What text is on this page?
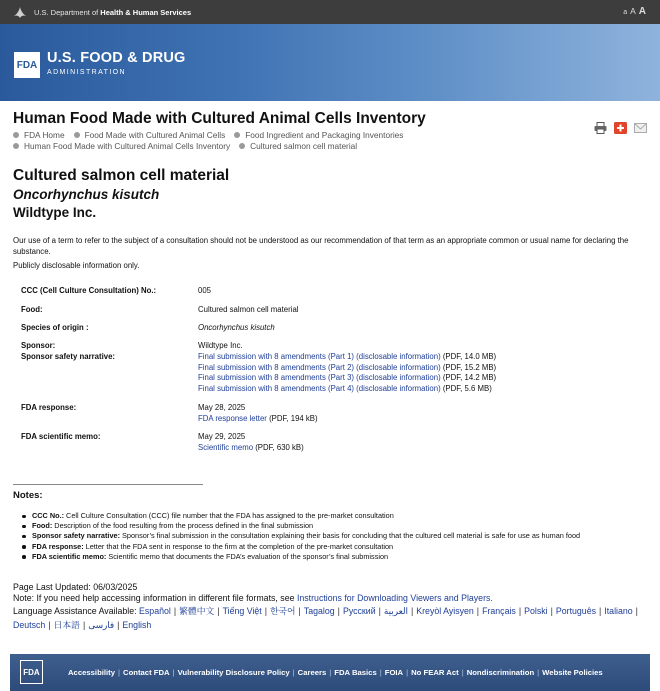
U.S. Department of Health & Human Services	a A A
FDA U.S. FOOD & DRUG
ADMINISTRATION
Human Food Made with Cultured Animal Cells Inventory
FDA Home Food Made with Cultured Animal Cells Food Ingredient and Packaging Inventories
Human Food Made with Cultured Animal Cells Inventory Cultured salmon cell material
Cultured salmon cell material
Oncorhynchus kisutch
Wildtype Inc.

Our use of a term to refer to the subject of a consultation should not be understood as our recommendation of that term as an appropriate common or usual name for declaring the substance.

Publicly disclosable information only.

CCC (Cell Culture Consultation) No.:	005
Food:	Cultured salmon cell material
Species of origin :	Oncorhynchus kisutch
Sponsor:	Wildtype Inc.
Sponsor safety narrative:	Final submission with 8 amendments (Part 1) (disclosable information) (PDF, 14.0 MB)
Final submission with 8 amendments (Part 2) (disclosable information) (PDF, 15.2 MB)
Final submission with 8 amendments (Part 3) (disclosable information) (PDF, 14.2 MB)
Final submission with 8 amendments (Part 4) (disclosable information) (PDF, 5.6 MB)
FDA response:	May 28, 2025
FDA response letter (PDF, 194 kB)
FDA scientific memo:	May 29, 2025
Scientific memo (PDF, 630 kB)
Notes:
CCC No.: Cell Culture Consultation (CCC) file number that the FDA has assigned to the pre-market consultation
Food: Description of the food resulting from the process defined in the final submission
Sponsor safety narrative: Sponsor’s final submission in the consultation explaining their basis for concluding that the cultured cell material is safe for use as human food
FDA response: Letter that the FDA sent in response to the firm at the completion of the pre-market consultation
FDA scientific memo: Scientific memo that documents the FDA’s evaluation of the sponsor’s final submission
Page Last Updated: 06/03/2025
Note: If you need help accessing information in different file formats, see Instructions for Downloading Viewers and Players.
Language Assistance Available: Español | 繁體中文 | Tiếng Việt | 한국어 | Tagalog | Русский | العربية | Kreyòl Ayisyen | Français | Polski | Português | Italiano |
Deutsch | 日本語 | فارسی | English
FDA	Accessibility | Contact FDA | Vulnerability Disclosure Policy | Careers | FDA Basics | FOIA | No FEAR Act | Nondiscrimination | Website Policies
